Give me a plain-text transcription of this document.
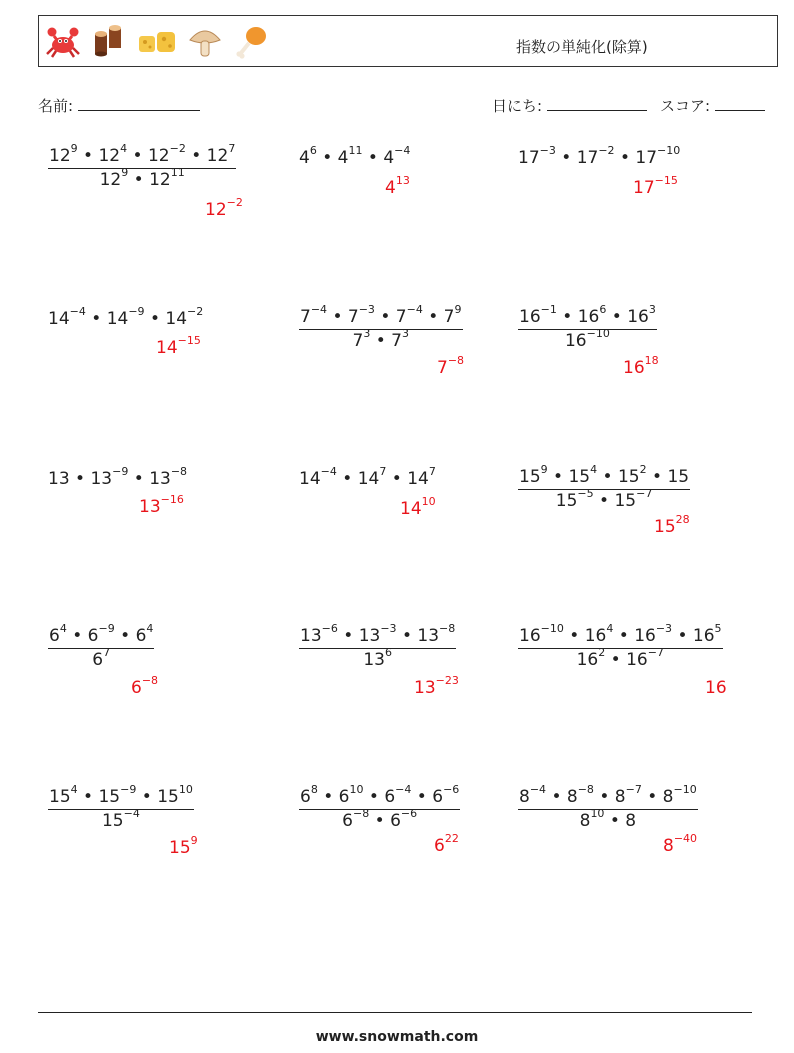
指数の単純化(除算)
名前:	日にち:	スコア:
$\frac{12^9 • 12^4 • 12^{-2} • 12^7}{12^9 • 12^{11}}$
$12^{-2}$
$4^6$ • $4^{11}$ • $4^{-4}$
$4^{13}$
$17^{-3}$ • $17^{-2}$ • $17^{-10}$
$17^{-15}$
$14^{-4}$ • $14^{-9}$ • $14^{-2}$
$14^{-15}$	$\frac{7^{-4} • 7^{-3} • 7^{-4} • 7^9}{7^3 • 7^3}$
$7^{-8}$
$\frac{16^{-1} • 16^6 • 16^3}{16^{-10}}$
$16^{18}$
13 • $13^{-9}$ • $13^{-8}$
$13^{-16}$
$14^{-4}$ • $14^7$ • $14^7$
$14^{10}$	$\frac{15^9 • 15^4 • 15^2 • 15}{15^{-5} • 15^{-7}}$
$15^{28}$
$\frac{6^4 • 6^{-9} • 6^4}{6^7}$
$6^{-8}$
$\frac{13^{-6} • 13^{-3} • 13^{-8}}{13^6}$
$13^{-23}$
$\frac{16^{-10} • 16^4 • 16^{-3} • 16^5}{16^2 • 16^{-7}}$
16
$\frac{15^4 • 15^{-9} • 15^{10}}{15^{-4}}$
$15^9$
$\frac{6^8 • 6^{10} • 6^{-4} • 6^{-6}}{6^{-8} • 6^{-6}}$
$6^{22}$
$\frac{8^{-4} • 8^{-8} • 8^{-7} • 8^{-10}}{8^{10} • 8}$
$8^{-40}$
www.snowmath.com
